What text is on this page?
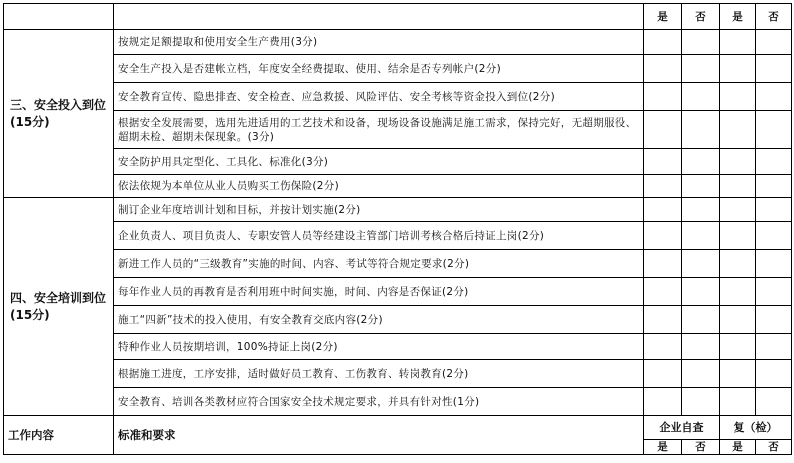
		是	否	是	否
三、安全投入到位(15分)	按规定足额提取和使用安全生产费用(3分)				
	安全生产投入是否建帐立档，年度安全经费提取、使用、结余是否专列帐户(2分)				
	安全教育宣传、隐患排查、安全检查、应急救援、风险评估、安全考核等资金投入到位(2分)				
	根据安全发展需要，选用先进适用的工艺技术和设备，现场设备设施满足施工需求，保持完好，无超期服役、超期未检、超期未保现象。(3分)				
	安全防护用具定型化、工具化、标准化(3分)				
	依法依规为本单位从业人员购买工伤保险(2分)				
四、安全培训到位(15分)	制订企业年度培训计划和目标，并按计划实施(2分)				
	企业负责人、项目负责人、专职安管人员等经建设主管部门培训考核合格后持证上岗(2分)				
	新进工作人员的“三级教育”实施的时间、内容、考试等符合规定要求(2分)				
	每年作业人员的再教育是否利用班中时间实施，时间、内容是否保证(2分)				
	施工“四新”技术的投入使用，有安全教育交底内容(2分)				
	特种作业人员按期培训，100%持证上岗(2分)				
	根据施工进度，工序安排，适时做好员工教育、工伤教育、转岗教育(2分)				
	安全教育、培训各类教材应符合国家安全技术规定要求，并具有针对性(1分)				
工作内容	标准和要求	企业自查		复（检）	
		是	否	是	否
